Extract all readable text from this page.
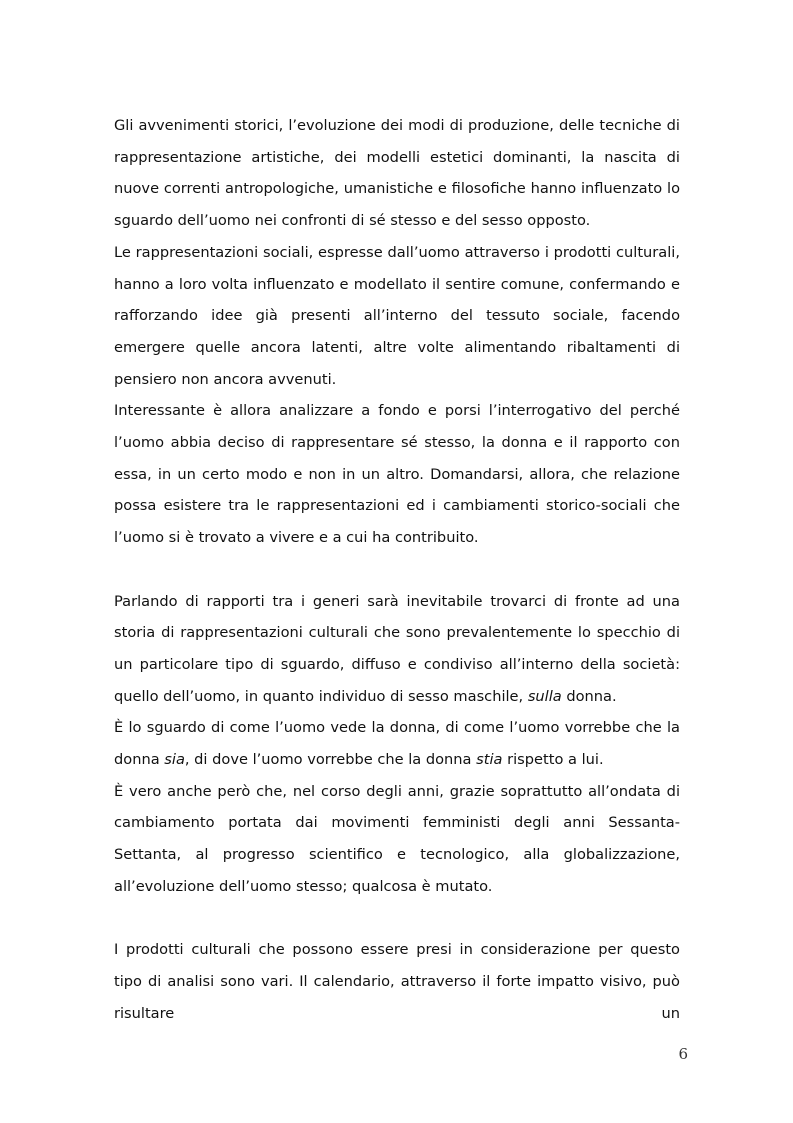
Gli avvenimenti storici, l’evoluzione dei modi di produzione, delle tecniche di rappresentazione artistiche, dei modelli estetici dominanti, la nascita di nuove correnti antropologiche, umanistiche e filosofiche hanno influenzato lo sguardo dell’uomo nei confronti di sé stesso e del sesso opposto.

Le rappresentazioni sociali, espresse dall’uomo attraverso i prodotti culturali, hanno a loro volta influenzato e modellato il sentire comune, confermando e rafforzando idee già presenti all’interno del tessuto sociale, facendo emergere quelle ancora latenti, altre volte alimentando ribaltamenti di pensiero non ancora avvenuti.

Interessante è allora analizzare a fondo e porsi l’interrogativo del perché l’uomo abbia deciso di rappresentare sé stesso, la donna e il rapporto con essa, in un certo modo e non in un altro. Domandarsi, allora, che relazione possa esistere tra le rappresentazioni ed i cambiamenti storico-sociali che l’uomo si è trovato a vivere e a cui ha contribuito.

Parlando di rapporti tra i generi sarà inevitabile trovarci di fronte ad una storia di rappresentazioni culturali che sono prevalentemente lo specchio di un particolare tipo di sguardo, diffuso e condiviso all’interno della società: quello dell’uomo, in quanto individuo di sesso maschile, sulla donna.

È lo sguardo di come l’uomo vede la donna, di come l’uomo vorrebbe che la donna sia, di dove l’uomo vorrebbe che la donna stia rispetto a lui.

È vero anche però che, nel corso degli anni, grazie soprattutto all’ondata di cambiamento portata dai movimenti femministi degli anni Sessanta-Settanta, al progresso scientifico e tecnologico, alla globalizzazione, all’evoluzione dell’uomo stesso; qualcosa è mutato.

I prodotti culturali che possono essere presi in considerazione per questo tipo di analisi sono vari. Il calendario, attraverso il forte impatto visivo, può risultare un

6
